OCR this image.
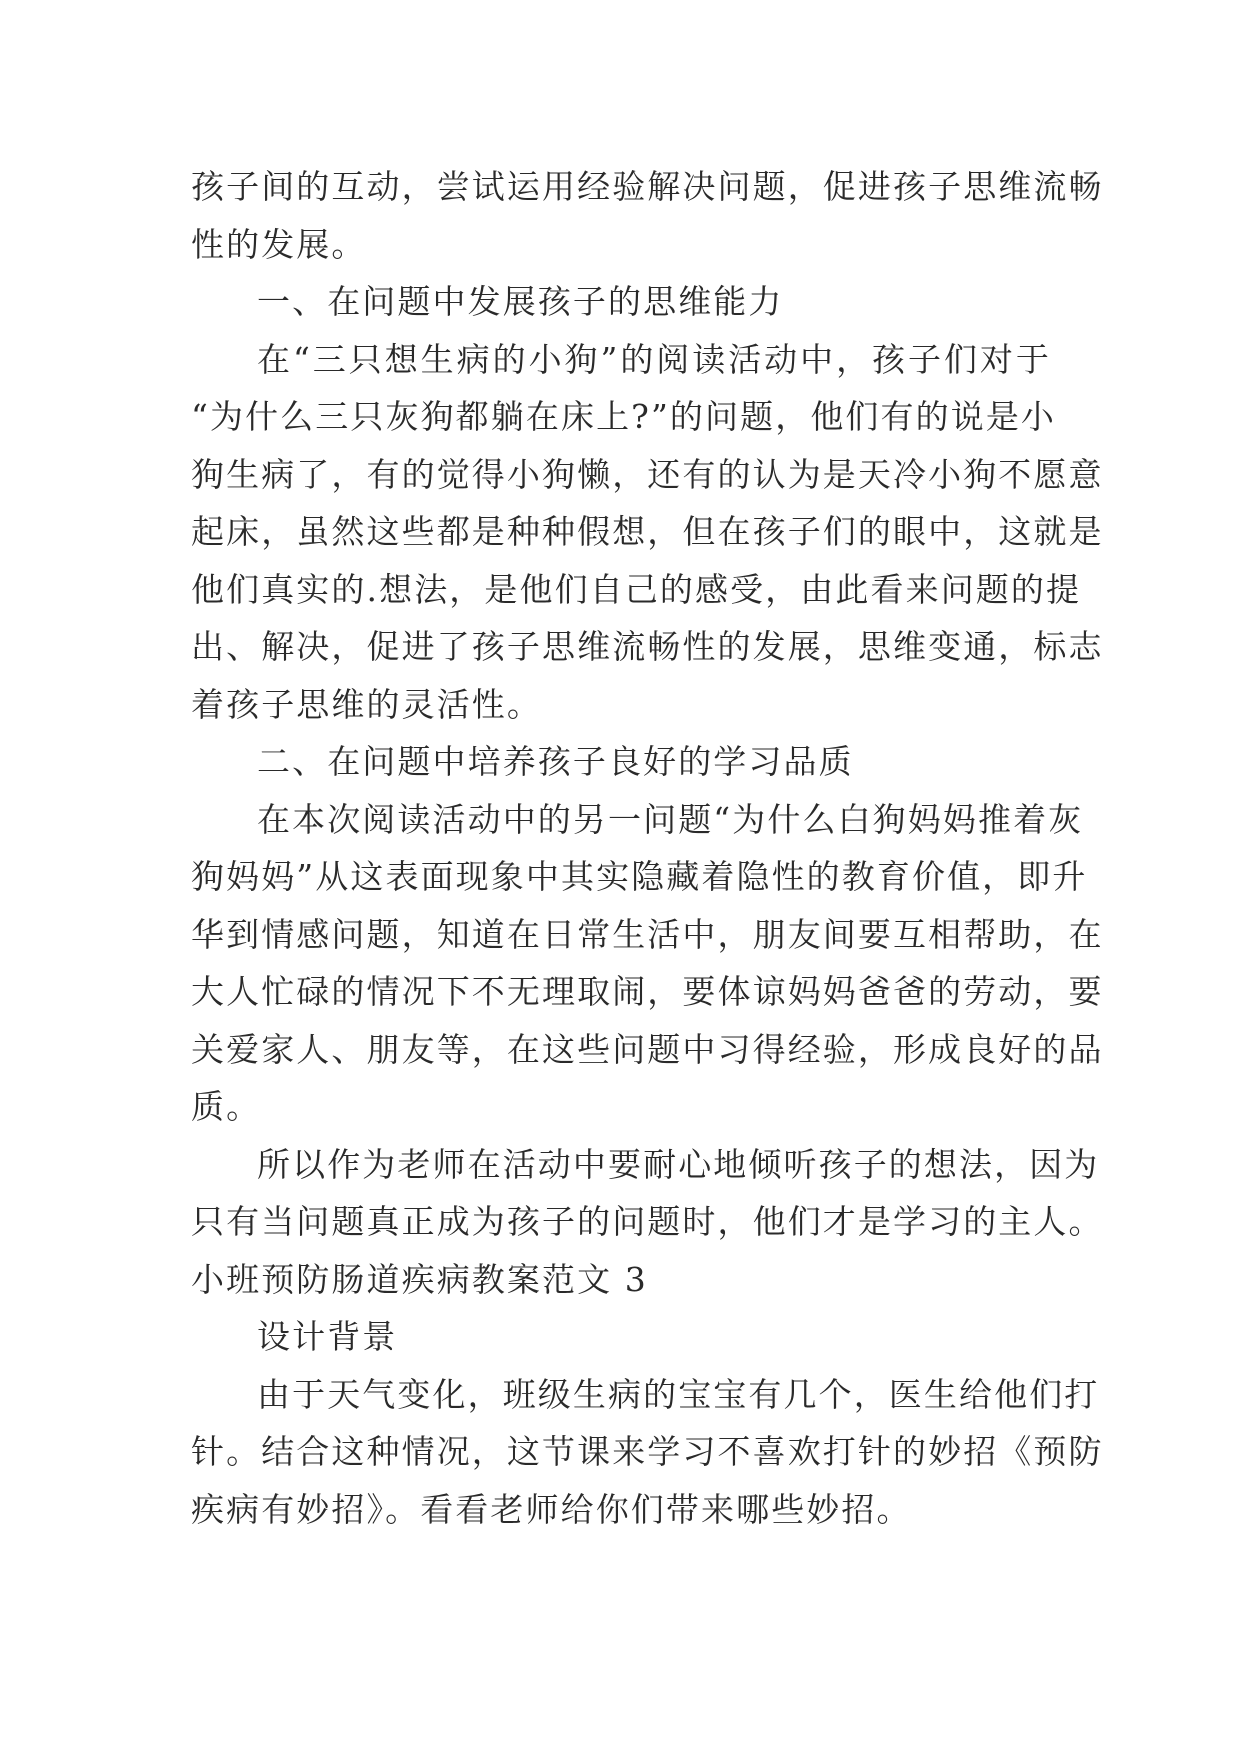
孩子间的互动，尝试运用经验解决问题，促进孩子思维流畅
性的发展。
一、在问题中发展孩子的思维能力
在“三只想生病的小狗”的阅读活动中，孩子们对于
“为什么三只灰狗都躺在床上?”的问题，他们有的说是小
狗生病了，有的觉得小狗懒，还有的认为是天冷小狗不愿意
起床，虽然这些都是种种假想，但在孩子们的眼中，这就是
他们真实的.想法，是他们自己的感受，由此看来问题的提
出、解决，促进了孩子思维流畅性的发展，思维变通，标志
着孩子思维的灵活性。
二、在问题中培养孩子良好的学习品质
在本次阅读活动中的另一问题“为什么白狗妈妈推着灰
狗妈妈”从这表面现象中其实隐藏着隐性的教育价值，即升
华到情感问题，知道在日常生活中，朋友间要互相帮助，在
大人忙碌的情况下不无理取闹，要体谅妈妈爸爸的劳动，要
关爱家人、朋友等，在这些问题中习得经验，形成良好的品
质。
所以作为老师在活动中要耐心地倾听孩子的想法，因为
只有当问题真正成为孩子的问题时，他们才是学习的主人。
小班预防肠道疾病教案范文 3
设计背景
由于天气变化，班级生病的宝宝有几个，医生给他们打
针。结合这种情况，这节课来学习不喜欢打针的妙招《预防
疾病有妙招》。看看老师给你们带来哪些妙招。
